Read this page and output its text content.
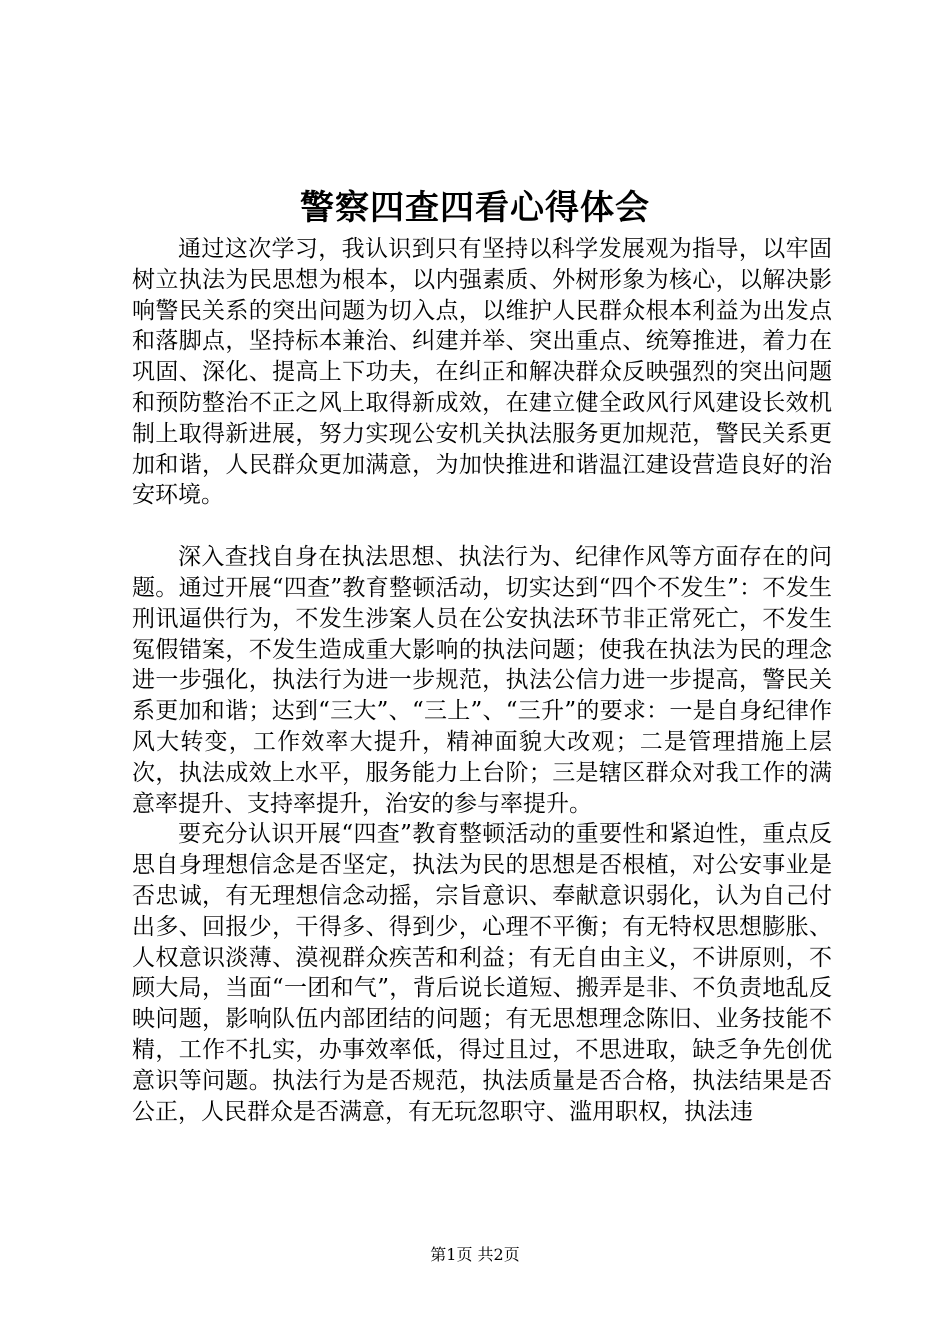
警察四查四看心得体会

通过这次学习，我认识到只有坚持以科学发展观为指导，以牢固树立执法为民思想为根本，以内强素质、外树形象为核心，以解决影响警民关系的突出问题为切入点，以维护人民群众根本利益为出发点和落脚点，坚持标本兼治、纠建并举、突出重点、统筹推进，着力在巩固、深化、提高上下功夫，在纠正和解决群众反映强烈的突出问题和预防整治不正之风上取得新成效，在建立健全政风行风建设长效机制上取得新进展，努力实现公安机关执法服务更加规范，警民关系更加和谐，人民群众更加满意，为加快推进和谐温江建设营造良好的治安环境。

深入查找自身在执法思想、执法行为、纪律作风等方面存在的问题。通过开展“四查”教育整顿活动，切实达到“四个不发生”：不发生刑讯逼供行为，不发生涉案人员在公安执法环节非正常死亡，不发生冤假错案，不发生造成重大影响的执法问题；使我在执法为民的理念进一步强化，执法行为进一步规范，执法公信力进一步提高，警民关系更加和谐；达到“三大”、“三上”、“三升”的要求：一是自身纪律作风大转变，工作效率大提升，精神面貌大改观；二是管理措施上层次，执法成效上水平，服务能力上台阶；三是辖区群众对我工作的满意率提升、支持率提升，治安的参与率提升。

要充分认识开展“四查”教育整顿活动的重要性和紧迫性，重点反思自身理想信念是否坚定，执法为民的思想是否根植，对公安事业是否忠诚，有无理想信念动摇，宗旨意识、奉献意识弱化，认为自己付出多、回报少，干得多、得到少，心理不平衡；有无特权思想膨胀、人权意识淡薄、漠视群众疾苦和利益；有无自由主义，不讲原则，不顾大局，当面“一团和气”，背后说长道短、搬弄是非、不负责地乱反映问题，影响队伍内部团结的问题；有无思想理念陈旧、业务技能不精，工作不扎实，办事效率低，得过且过，不思进取，缺乏争先创优意识等问题。执法行为是否规范，执法质量是否合格，执法结果是否公正，人民群众是否满意，有无玩忽职守、滥用职权，执法违

第1页 共2页
